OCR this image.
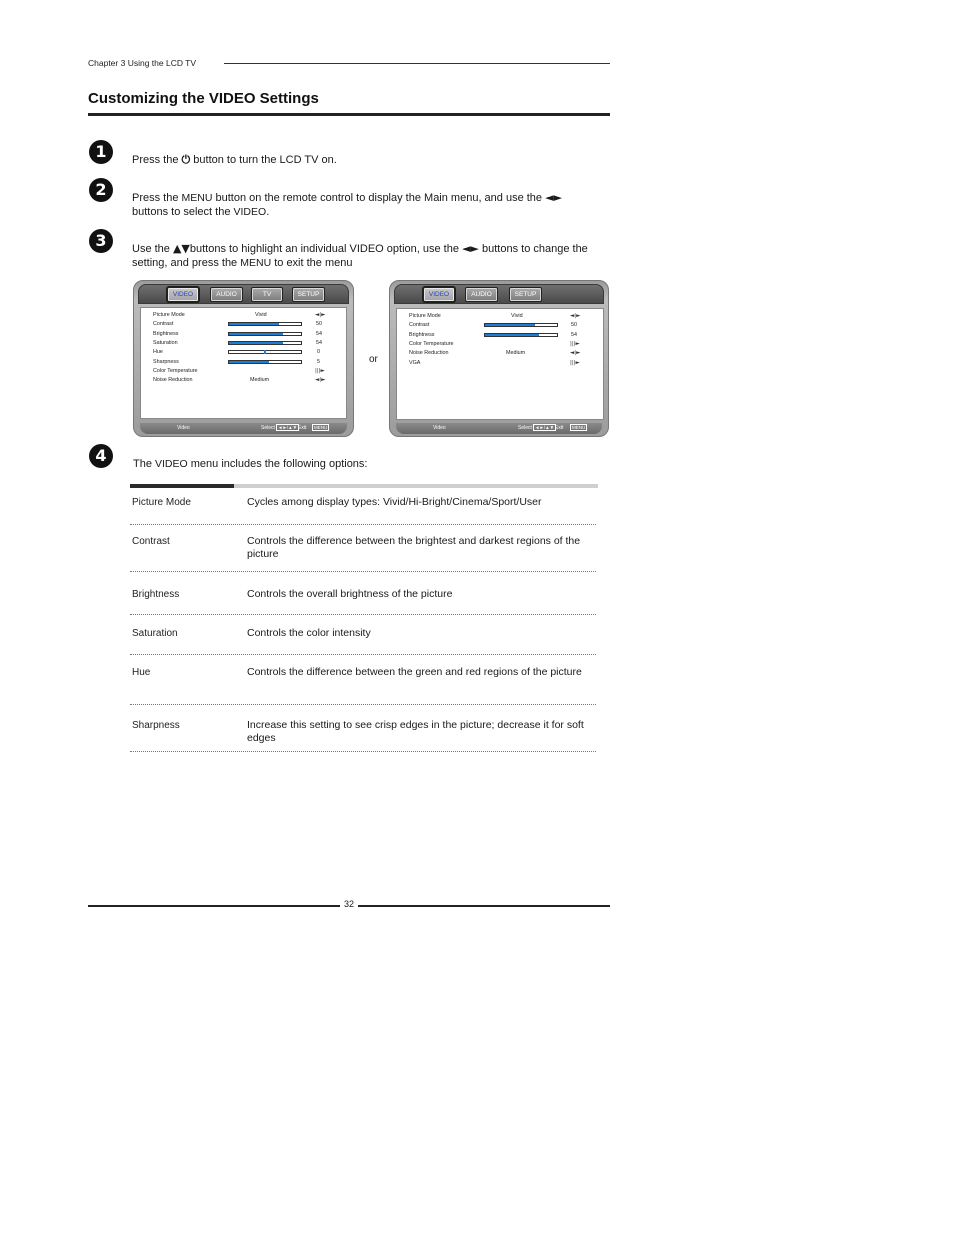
Chapter 3 Using the LCD TV
Customizing the VIDEO Settings
1	Press the ⏻ button to turn the LCD TV on.
2	Press the MENU button on the remote control to display the Main menu, and use the ◄► buttons to select the VIDEO.
3	Use the ▲▼buttons to highlight an individual VIDEO option, use the ◄► buttons to change the setting, and press the MENU to exit the menu
VIDEO	AUDIO	TV	SETUP
Picture Mode	Vivid	◄|►
Contrast	50
Brightness	54
Saturation	54
Hue	0
Sharpness	5
Color Temperature	|||►
Noise Reduction	Medium	◄|►
Video	Select ◄►/▲▼ Exit	MENU
or
VIDEO	AUDIO	SETUP
Picture Mode	Vivid	◄|►
Contrast	50
Brightness	54
Color Temperature	|||►
Noise Reduction	Medium	◄|►
VGA	|||►
Video	Select ◄►/▲▼ Exit	MENU
4	The VIDEO menu includes the following options:
Picture Mode	Cycles among display types: Vivid/Hi-Bright/Cinema/Sport/User
Contrast	Controls the difference between the brightest and darkest regions of the picture
Brightness	Controls the overall brightness of the picture
Saturation	Controls the color intensity
Hue	Controls the difference between the green and red regions of the picture
Sharpness	Increase this setting to see crisp edges in the picture; decrease it for soft edges
32
